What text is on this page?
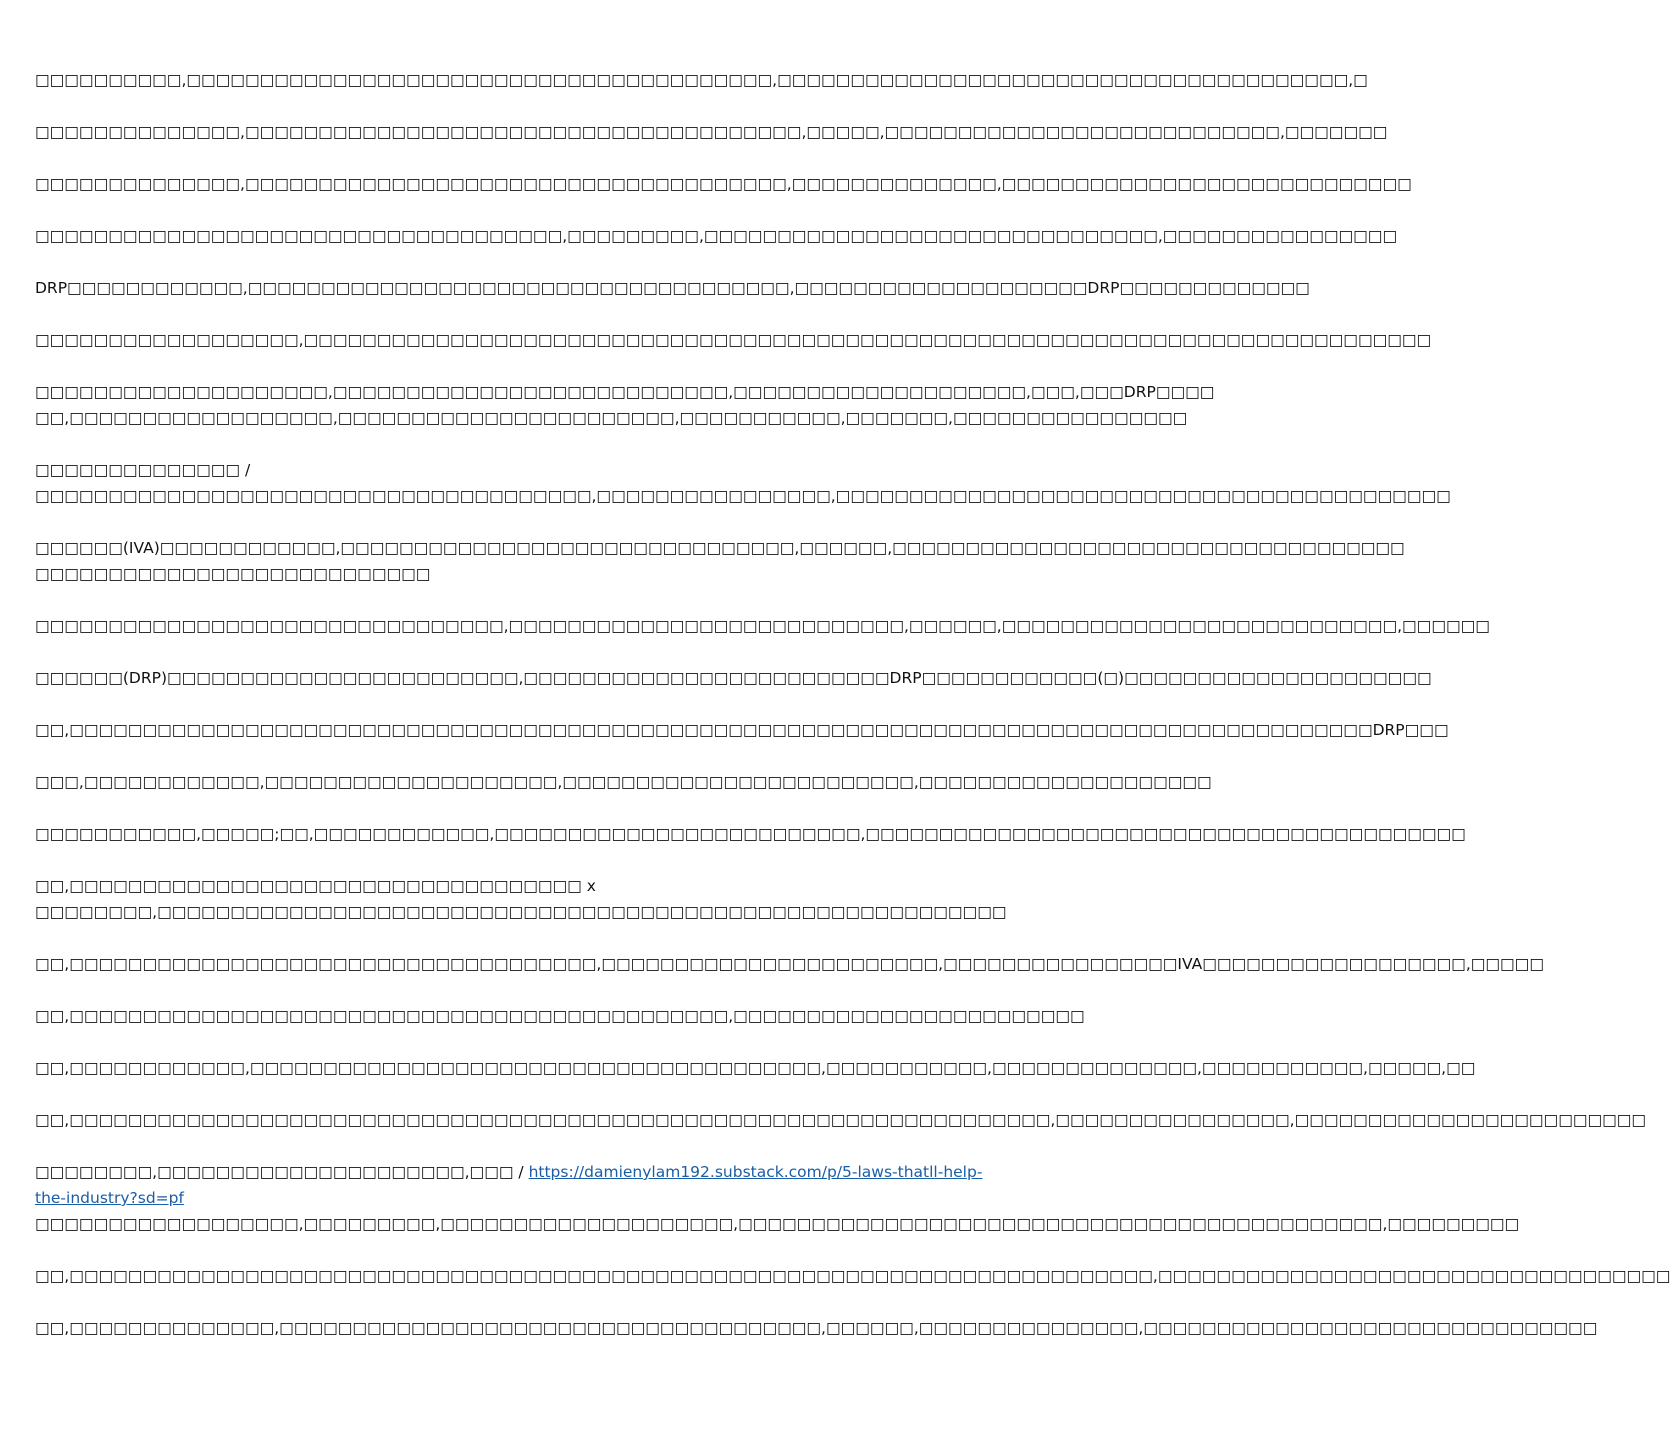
□□□□□□□□□□,□□□□□□□□□□□□□□□□□□□□□□□□□□□□□□□□□□□□□□□□,□□□□□□□□□□□□□□□□□□□□□□□□□□□□□□□□□□□□□□□,□
□□□□□□□□□□□□□□,□□□□□□□□□□□□□□□□□□□□□□□□□□□□□□□□□□□□□□,□□□□□,□□□□□□□□□□□□□□□□□□□□□□□□□□□,□□□□□□□
□□□□□□□□□□□□□□,□□□□□□□□□□□□□□□□□□□□□□□□□□□□□□□□□□□□□,□□□□□□□□□□□□□□,□□□□□□□□□□□□□□□□□□□□□□□□□□□□
□□□□□□□□□□□□□□□□□□□□□□□□□□□□□□□□□□□□,□□□□□□□□□,□□□□□□□□□□□□□□□□□□□□□□□□□□□□□□□,□□□□□□□□□□□□□□□□
DRP□□□□□□□□□□□□,□□□□□□□□□□□□□□□□□□□□□□□□□□□□□□□□□□□□□,□□□□□□□□□□□□□□□□□□□□DRP□□□□□□□□□□□□□
□□□□□□□□□□□□□□□□□□,□□□□□□□□□□□□□□□□□□□□□□□□□□□□□□□□□□□□□□□□□□□□□□□□□□□□□□□□□□□□□□□□□□□□□□□□□□□□□
□□□□□□□□□□□□□□□□□□□□,□□□□□□□□□□□□□□□□□□□□□□□□□□□,□□□□□□□□□□□□□□□□□□□□,□□□,□□□DRP□□□□
□□,□□□□□□□□□□□□□□□□□□,□□□□□□□□□□□□□□□□□□□□□□□,□□□□□□□□□□□,□□□□□□□,□□□□□□□□□□□□□□□□
□□□□□□□□□□□□□□ /
□□□□□□□□□□□□□□□□□□□□□□□□□□□□□□□□□□□□□□,□□□□□□□□□□□□□□□□,□□□□□□□□□□□□□□□□□□□□□□□□□□□□□□□□□□□□□□□□□□
□□□□□□(IVA)□□□□□□□□□□□□,□□□□□□□□□□□□□□□□□□□□□□□□□□□□□□□,□□□□□□,□□□□□□□□□□□□□□□□□□□□□□□□□□□□□□□□□□□
□□□□□□□□□□□□□□□□□□□□□□□□□□□
□□□□□□□□□□□□□□□□□□□□□□□□□□□□□□□□,□□□□□□□□□□□□□□□□□□□□□□□□□□□,□□□□□□,□□□□□□□□□□□□□□□□□□□□□□□□□□□,□□□□□□
□□□□□□(DRP)□□□□□□□□□□□□□□□□□□□□□□□□,□□□□□□□□□□□□□□□□□□□□□□□□□DRP□□□□□□□□□□□□(□)□□□□□□□□□□□□□□□□□□□□□
□□,□□□□□□□□□□□□□□□□□□□□□□□□□□□□□□□□□□□□□□□□□□□□□□□□□□□□□□□□□□□□□□□□□□□□□□□□□□□□□□□□□□□□□□□□□DRP□□□
□□□,□□□□□□□□□□□□,□□□□□□□□□□□□□□□□□□□□,□□□□□□□□□□□□□□□□□□□□□□□□,□□□□□□□□□□□□□□□□□□□□
□□□□□□□□□□□,□□□□□;□□,□□□□□□□□□□□□,□□□□□□□□□□□□□□□□□□□□□□□□□,□□□□□□□□□□□□□□□□□□□□□□□□□□□□□□□□□□□□□□□□□
□□,□□□□□□□□□□□□□□□□□□□□□□□□□□□□□□□□□□□ x
□□□□□□□□,□□□□□□□□□□□□□□□□□□□□□□□□□□□□□□□□□□□□□□□□□□□□□□□□□□□□□□□□□□
□□,□□□□□□□□□□□□□□□□□□□□□□□□□□□□□□□□□□□□,□□□□□□□□□□□□□□□□□□□□□□□,□□□□□□□□□□□□□□□□IVA□□□□□□□□□□□□□□□□□□,□□□□□
□□,□□□□□□□□□□□□□□□□□□□□□□□□□□□□□□□□□□□□□□□□□□□□□,□□□□□□□□□□□□□□□□□□□□□□□□
□□,□□□□□□□□□□□□,□□□□□□□□□□□□□□□□□□□□□□□□□□□□□□□□□□□□□□□,□□□□□□□□□□□,□□□□□□□□□□□□□□,□□□□□□□□□□□,□□□□□,□□
□□,□□□□□□□□□□□□□□□□□□□□□□□□□□□□□□□□□□□□□□□□□□□□□□□□□□□□□□□□□□□□□□□□□□□,□□□□□□□□□□□□□□□□,□□□□□□□□□□□□□□□□□□□□□□□□
□□□□□□□□,□□□□□□□□□□□□□□□□□□□□□,□□□ / https://damienylam192.substack.com/p/5-laws-thatll-help-the-industry?sd=pf
□□□□□□□□□□□□□□□□□□,□□□□□□□□□,□□□□□□□□□□□□□□□□□□□□,□□□□□□□□□□□□□□□□□□□□□□□□□□□□□□□□□□□□□□□□□□□□,□□□□□□□□□
□□,□□□□□□□□□□□□□□□□□□□□□□□□□□□□□□□□□□□□□□□□□□□□□□□□□□□□□□□□□□□□□□□□□□□□□□□□□□,□□□□□□□□□□□□□□□□□□□□□□□□□□□□□□□□□□□
□□,□□□□□□□□□□□□□□,□□□□□□□□□□□□□□□□□□□□□□□□□□□□□□□□□□□□□,□□□□□□,□□□□□□□□□□□□□□□,□□□□□□□□□□□□□□□□□□□□□□□□□□□□□□□
